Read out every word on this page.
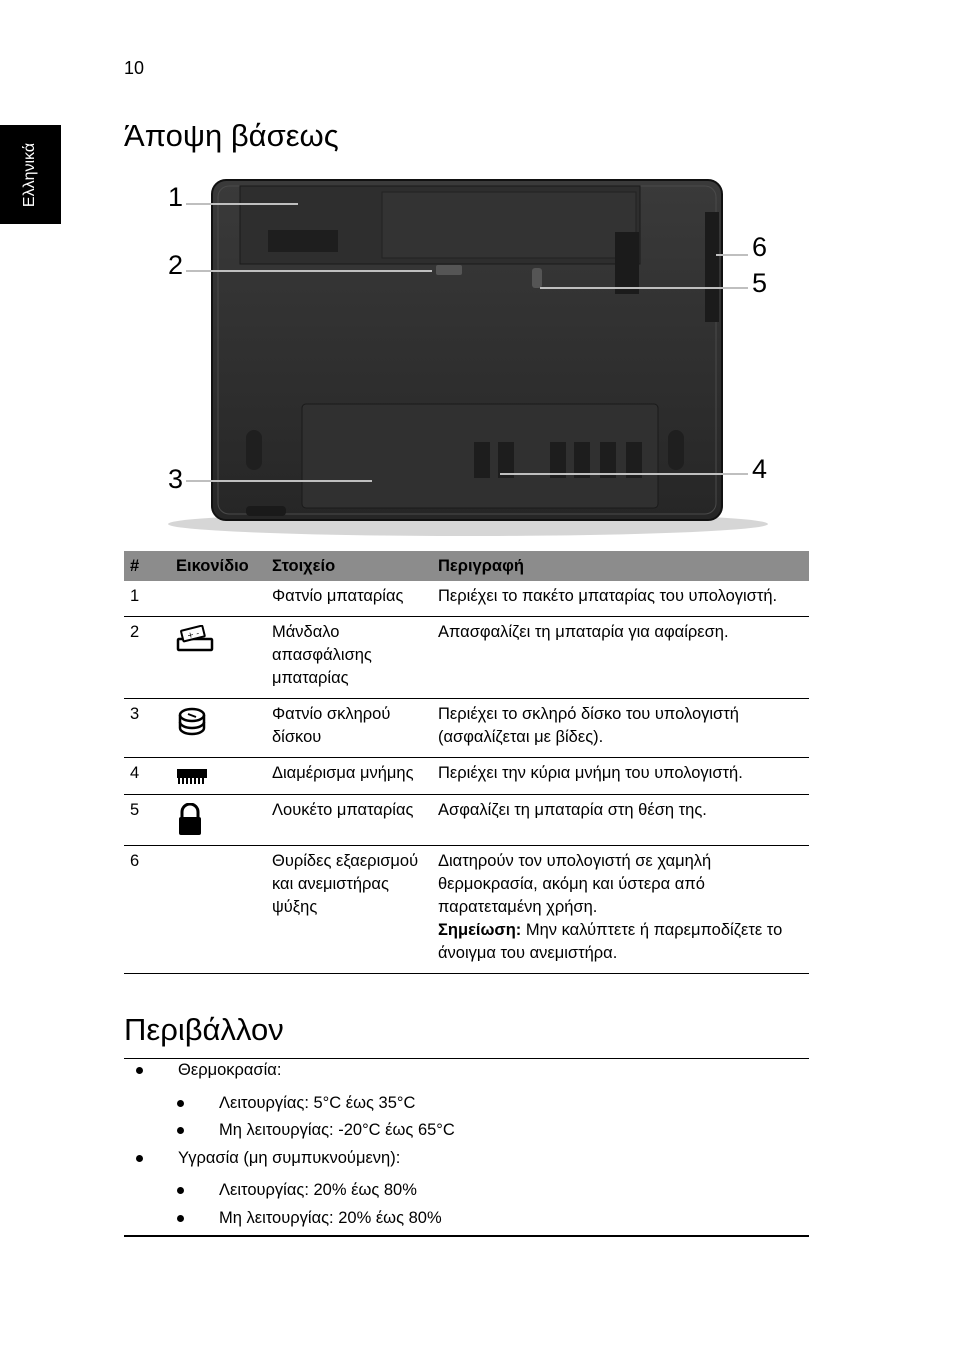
10
Ελληνικά
Άποψη βάσεως
1
2
3	4
5
6
#	Εικονίδιο	Στοιχείο	Περιγραφή
1		Φατνίο μπαταρίας	Περιέχει το πακέτο μπαταρίας του υπολογιστή.
2	+ -	Μάνδαλο απασφάλισης μπαταρίας	Απασφαλίζει τη μπαταρία για αφαίρεση.
3		Φατνίο σκληρού δίσκου	Περιέχει το σκληρό δίσκο του υπολογιστή (ασφαλίζεται με βίδες).
4		Διαμέρισμα μνήμης	Περιέχει την κύρια μνήμη του υπολογιστή.
5		Λουκέτο μπαταρίας	Ασφαλίζει τη μπαταρία στη θέση της.
6		Θυρίδες εξαερισμού και ανεμιστήρας ψύξης	Διατηρούν τον υπολογιστή σε χαμηλή θερμοκρασία, ακόμη και ύστερα από παρατεταμένη χρήση.
Σημείωση: Μην καλύπτετε ή παρεμποδίζετε το άνοιγμα του ανεμιστήρα.
Περιβάλλον
Θερμοκρασία:
Λειτουργίας: 5°C έως 35°C
Μη λειτουργίας: -20°C έως 65°C
Υγρασία (μη συμπυκνούμενη):
Λειτουργίας: 20% έως 80%
Μη λειτουργίας: 20% έως 80%
